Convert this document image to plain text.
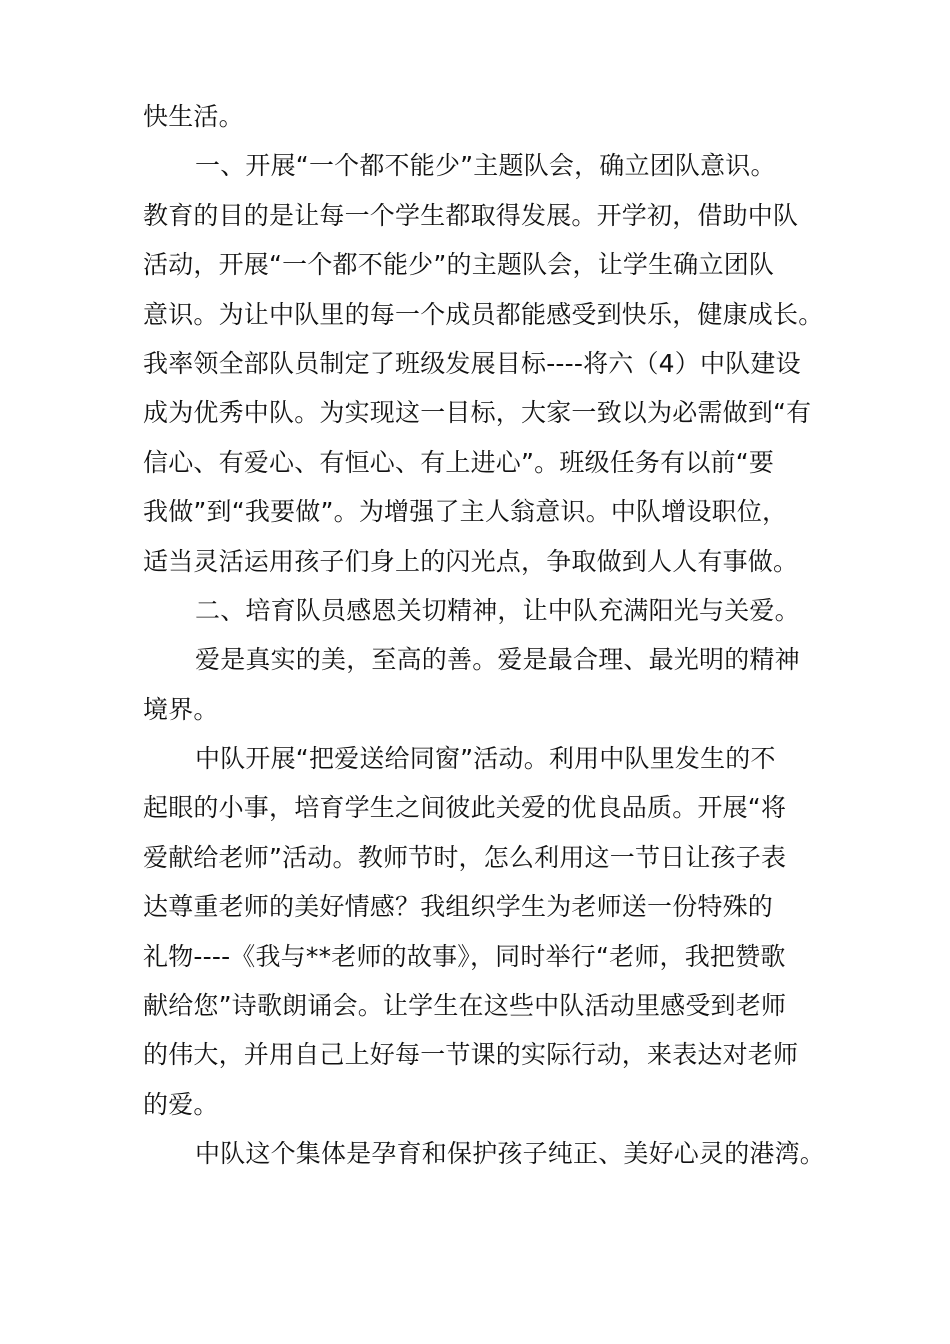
快生活。
一、开展“一个都不能少”主题队会，确立团队意识。
教育的目的是让每一个学生都取得发展。开学初，借助中队
活动，开展“一个都不能少”的主题队会，让学生确立团队
意识。为让中队里的每一个成员都能感受到快乐，健康成长。
我率领全部队员制定了班级发展目标----将六（4）中队建设
成为优秀中队。为实现这一目标，大家一致以为必需做到“有
信心、有爱心、有恒心、有上进心”。班级任务有以前“要
我做”到“我要做”。为增强了主人翁意识。中队增设职位，
适当灵活运用孩子们身上的闪光点，争取做到人人有事做。
二、培育队员感恩关切精神，让中队充满阳光与关爱。
爱是真实的美，至高的善。爱是最合理、最光明的精神
境界。
中队开展“把爱送给同窗”活动。利用中队里发生的不
起眼的小事，培育学生之间彼此关爱的优良品质。开展“将
爱献给老师”活动。教师节时，怎么利用这一节日让孩子表
达尊重老师的美好情感？我组织学生为老师送一份特殊的
礼物----《我与**老师的故事》，同时举行“老师，我把赞歌
献给您”诗歌朗诵会。让学生在这些中队活动里感受到老师
的伟大，并用自己上好每一节课的实际行动，来表达对老师
的爱。
中队这个集体是孕育和保护孩子纯正、美好心灵的港湾。
